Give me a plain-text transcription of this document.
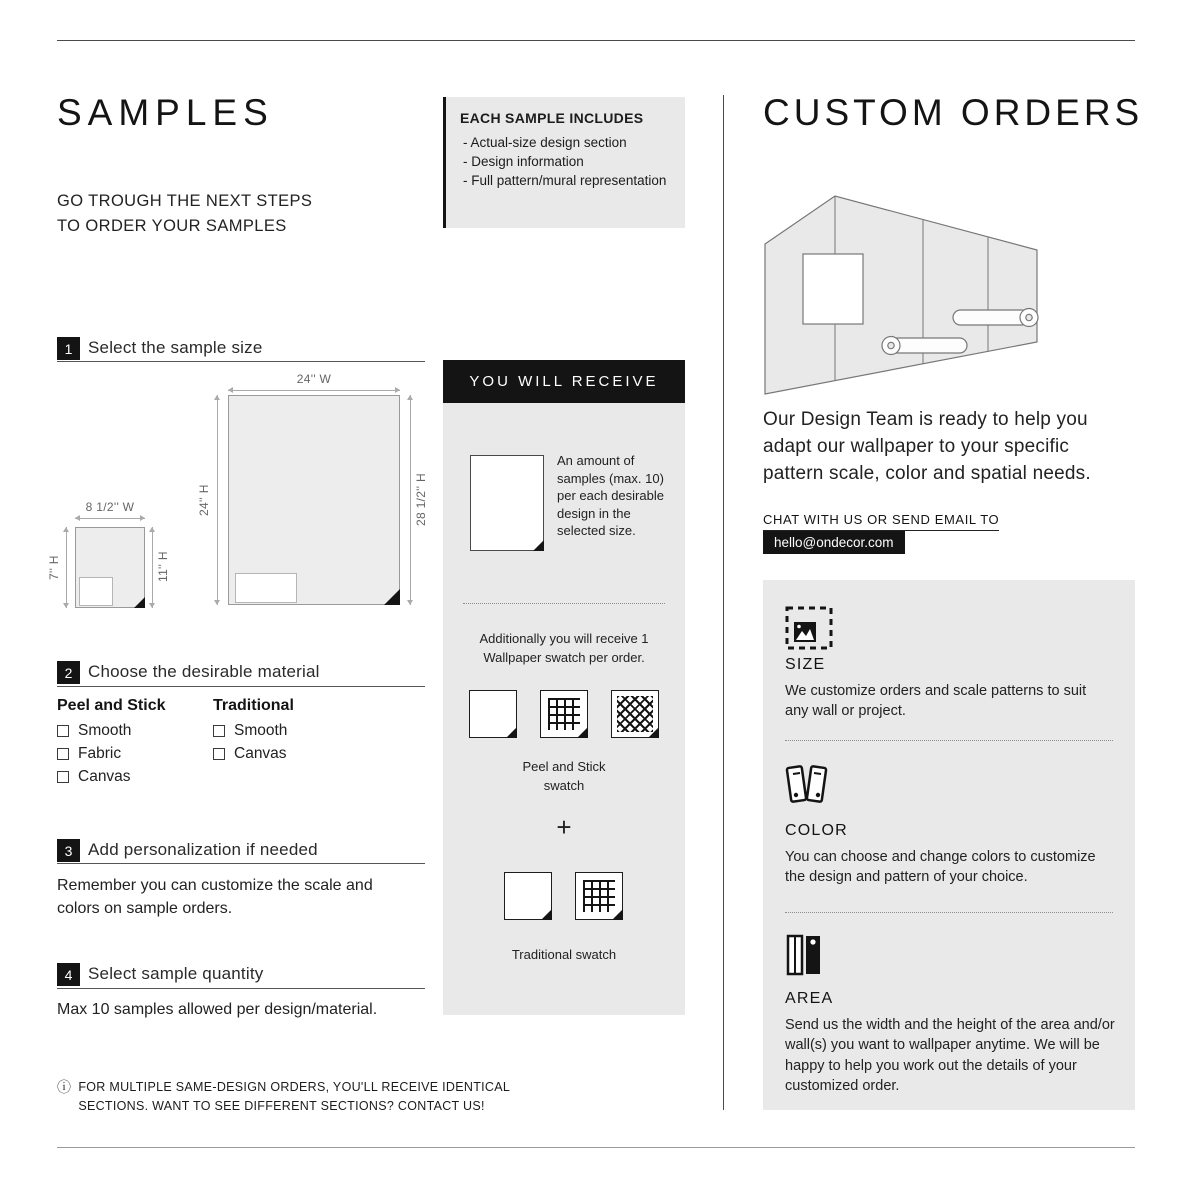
SAMPLES	EACH SAMPLE INCLUDES
- Actual-size design section
- Design information
- Full pattern/mural representation
GO TROUGH THE NEXT STEPS
TO ORDER YOUR SAMPLES
1 Select the sample size
24'' W
24'' H	28 1/2'' H
8 1/2'' W
7'' H	11'' H
2 Choose the desirable material
Peel and Stick
Smooth
Fabric
Canvas
Traditional
Smooth
Canvas
3 Add personalization if needed
Remember you can customize the scale and colors on sample orders.
4 Select sample quantity
Max 10 samples allowed per design/material.
ⓘ FOR MULTIPLE SAME-DESIGN ORDERS, YOU'LL RECEIVE IDENTICAL SECTIONS. WANT TO SEE DIFFERENT SECTIONS? CONTACT US!
YOU WILL RECEIVE
An amount of samples (max. 10) per each desirable design in the selected size.
Additionally you will receive 1 Wallpaper swatch per order.
Peel and Stick swatch
+
Traditional swatch
CUSTOM ORDERS
Our Design Team is ready to help you adapt our wallpaper to your specific pattern scale, color and spatial needs.
CHAT WITH US OR SEND EMAIL TO
hello@ondecor.com
SIZE
We customize orders and scale patterns to suit any wall or project.
COLOR
You can choose and change colors to customize the design and pattern of your choice.
AREA
Send us the width and the height of the area and/or wall(s) you want to wallpaper anytime. We will be happy to help you work out the details of your customized order.
